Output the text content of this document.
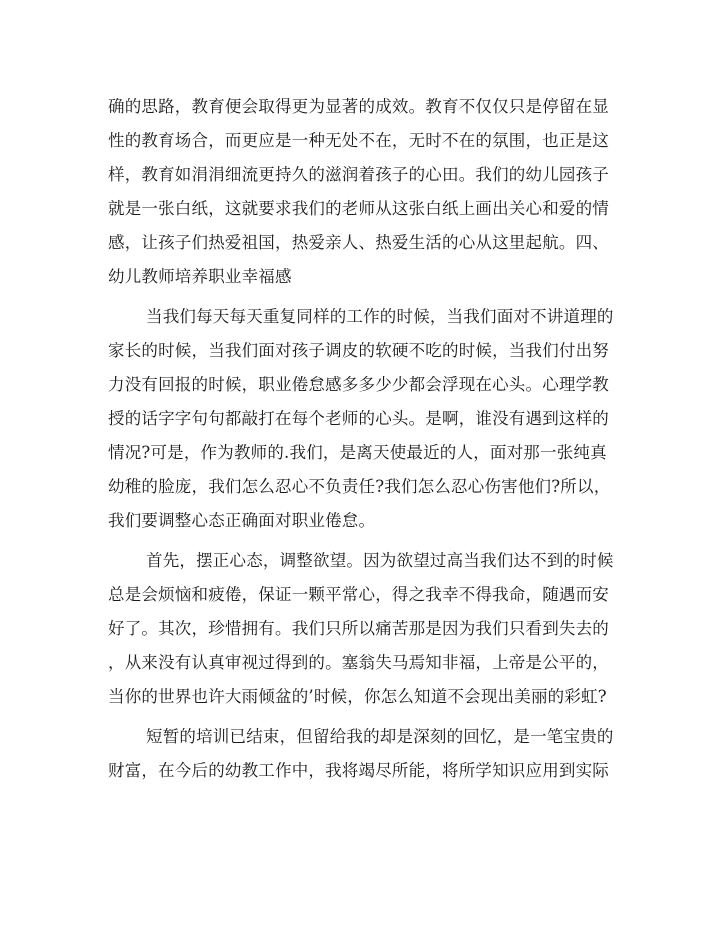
确的思路，教育便会取得更为显著的成效。教育不仅仅只是停留在显
性的教育场合，而更应是一种无处不在，无时不在的氛围，也正是这
样，教育如涓涓细流更持久的滋润着孩子的心田。我们的幼儿园孩子
就是一张白纸，这就要求我们的老师从这张白纸上画出关心和爱的情
感，让孩子们热爱祖国，热爱亲人、热爱生活的心从这里起航。四、
幼儿教师培养职业幸福感
当我们每天每天重复同样的工作的时候，当我们面对不讲道理的
家长的时候，当我们面对孩子调皮的软硬不吃的时候，当我们付出努
力没有回报的时候，职业倦怠感多多少少都会浮现在心头。心理学教
授的话字字句句都敲打在每个老师的心头。是啊，谁没有遇到这样的
情况?可是，作为教师的.我们，是离天使最近的人，面对那一张纯真
幼稚的脸庞，我们怎么忍心不负责任?我们怎么忍心伤害他们?所以，
我们要调整心态正确面对职业倦怠。
首先，摆正心态，调整欲望。因为欲望过高当我们达不到的时候
总是会烦恼和疲倦，保证一颗平常心，得之我幸不得我命，随遇而安
好了。其次，珍惜拥有。我们只所以痛苦那是因为我们只看到失去的
，从来没有认真审视过得到的。塞翁失马焉知非福，上帝是公平的，
当你的世界也许大雨倾盆的’时候，你怎么知道不会现出美丽的彩虹?
短暂的培训已结束，但留给我的却是深刻的回忆，是一笔宝贵的
财富，在今后的幼教工作中，我将竭尽所能，将所学知识应用到实际
